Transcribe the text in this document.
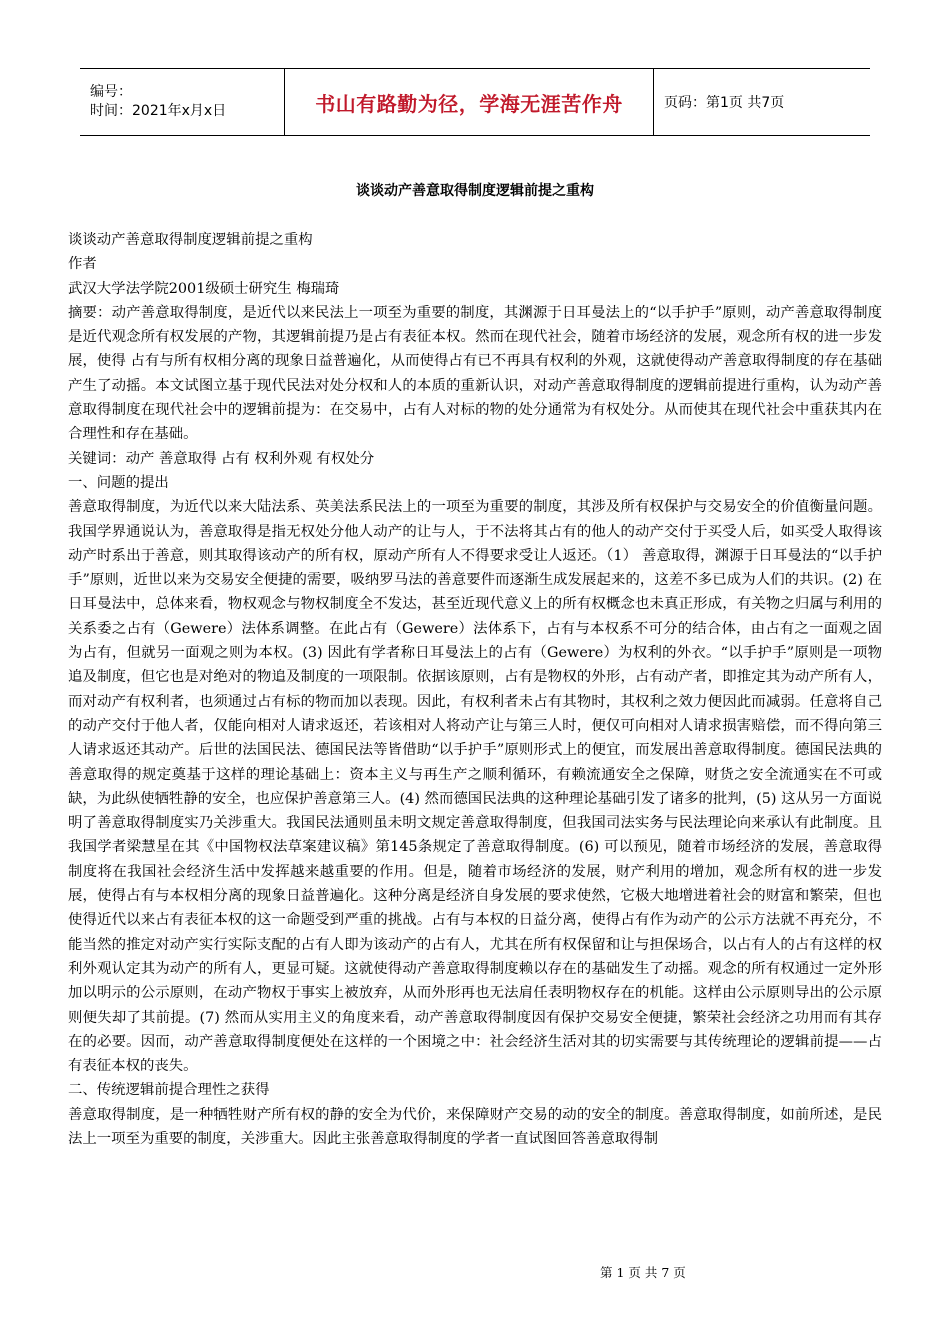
编号：
时间：2021年x月x日	书山有路勤为径，学海无涯苦作舟	页码：第1页 共7页
谈谈动产善意取得制度逻辑前提之重构

谈谈动产善意取得制度逻辑前提之重构

作者

武汉大学法学院2001级硕士研究生 梅瑞琦

摘要：动产善意取得制度，是近代以来民法上一项至为重要的制度，其渊源于日耳曼法上的“以手护手”原则，动产善意取得制度是近代观念所有权发展的产物，其逻辑前提乃是占有表征本权。然而在现代社会，随着市场经济的发展，观念所有权的进一步发展，使得 占有与所有权相分离的现象日益普遍化，从而使得占有已不再具有权利的外观，这就使得动产善意取得制度的存在基础产生了动摇。本文试图立基于现代民法对处分权和人的本质的重新认识，对动产善意取得制度的逻辑前提进行重构，认为动产善意取得制度在现代社会中的逻辑前提为：在交易中，占有人对标的物的处分通常为有权处分。从而使其在现代社会中重获其内在合理性和存在基础。

关键词：动产 善意取得 占有 权利外观 有权处分

一、问题的提出

善意取得制度，为近代以来大陆法系、英美法系民法上的一项至为重要的制度，其涉及所有权保护与交易安全的价值衡量问题。我国学界通说认为，善意取得是指无权处分他人动产的让与人，于不法将其占有的他人的动产交付于买受人后，如买受人取得该动产时系出于善意，则其取得该动产的所有权，原动产所有人不得要求受让人返还。（1） 善意取得，渊源于日耳曼法的“以手护手”原则，近世以来为交易安全便捷的需要，吸纳罗马法的善意要件而逐渐生成发展起来的，这差不多已成为人们的共识。(2) 在日耳曼法中，总体来看，物权观念与物权制度全不发达，甚至近现代意义上的所有权概念也未真正形成，有关物之归属与利用的关系委之占有（Gewere）法体系调整。在此占有（Gewere）法体系下，占有与本权系不可分的结合体，由占有之一面观之固为占有，但就另一面观之则为本权。(3) 因此有学者称日耳曼法上的占有（Gewere）为权利的外衣。“以手护手”原则是一项物追及制度，但它也是对绝对的物追及制度的一项限制。依据该原则，占有是物权的外形，占有动产者，即推定其为动产所有人，而对动产有权利者，也须通过占有标的物而加以表现。因此，有权利者未占有其物时，其权利之效力便因此而减弱。任意将自己的动产交付于他人者，仅能向相对人请求返还，若该相对人将动产让与第三人时，便仅可向相对人请求损害赔偿，而不得向第三人请求返还其动产。后世的法国民法、德国民法等皆借助“以手护手”原则形式上的便宜，而发展出善意取得制度。德国民法典的善意取得的规定奠基于这样的理论基础上：资本主义与再生产之顺利循环，有赖流通安全之保障，财货之安全流通实在不可或缺，为此纵使牺牲静的安全，也应保护善意第三人。(4) 然而德国民法典的这种理论基础引发了诸多的批判，(5) 这从另一方面说明了善意取得制度实乃关涉重大。我国民法通则虽未明文规定善意取得制度，但我国司法实务与民法理论向来承认有此制度。且我国学者梁慧星在其《中国物权法草案建议稿》第145条规定了善意取得制度。(6) 可以预见，随着市场经济的发展，善意取得制度将在我国社会经济生活中发挥越来越重要的作用。但是，随着市场经济的发展，财产利用的增加，观念所有权的进一步发展，使得占有与本权相分离的现象日益普遍化。这种分离是经济自身发展的要求使然，它极大地增进着社会的财富和繁荣，但也使得近代以来占有表征本权的这一命题受到严重的挑战。占有与本权的日益分离，使得占有作为动产的公示方法就不再充分，不能当然的推定对动产实行实际支配的占有人即为该动产的占有人，尤其在所有权保留和让与担保场合，以占有人的占有这样的权利外观认定其为动产的所有人，更显可疑。这就使得动产善意取得制度赖以存在的基础发生了动摇。观念的所有权通过一定外形加以明示的公示原则，在动产物权于事实上被放弃，从而外形再也无法肩任表明物权存在的机能。这样由公示原则导出的公示原则便失却了其前提。(7) 然而从实用主义的角度来看，动产善意取得制度因有保护交易安全便捷，繁荣社会经济之功用而有其存在的必要。因而，动产善意取得制度便处在这样的一个困境之中：社会经济生活对其的切实需要与其传统理论的逻辑前提——占有表征本权的丧失。

二、传统逻辑前提合理性之获得

善意取得制度，是一种牺牲财产所有权的静的安全为代价，来保障财产交易的动的安全的制度。善意取得制度，如前所述，是民法上一项至为重要的制度，关涉重大。因此主张善意取得制度的学者一直试图回答善意取得制

第 1 页 共 7 页
